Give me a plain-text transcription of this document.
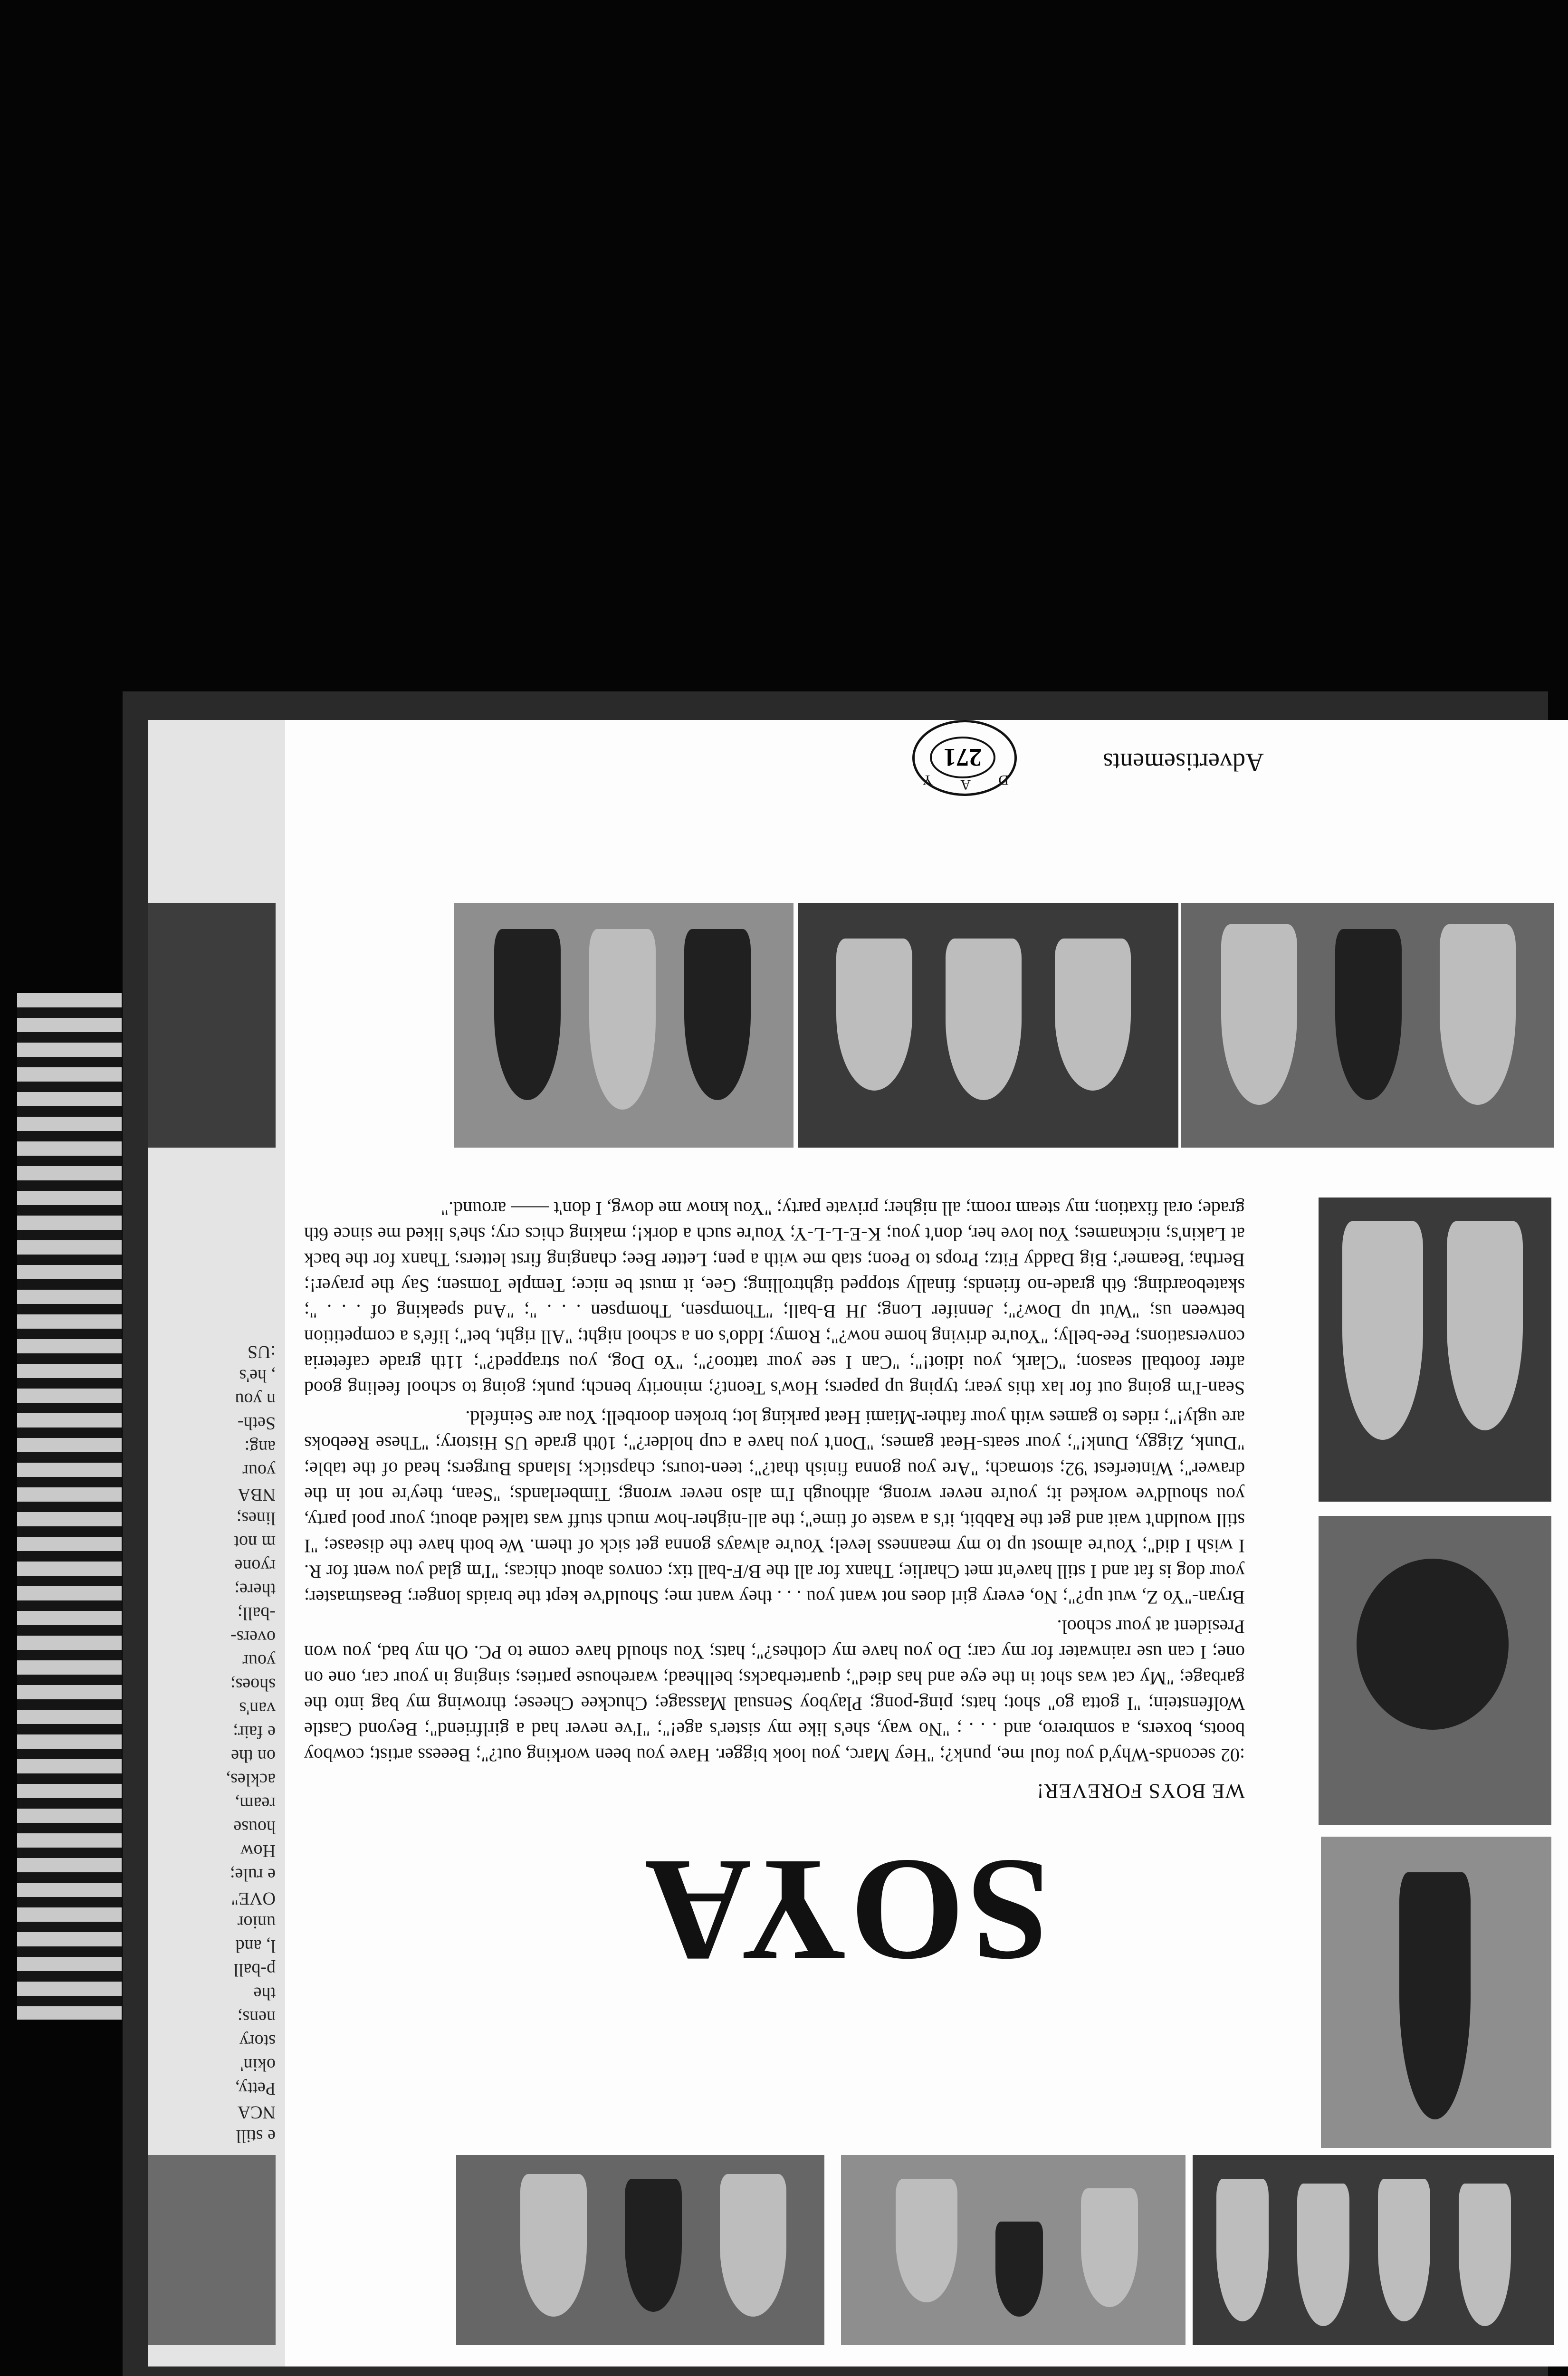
SOYA
WE BOYS FOREVER!

:02 seconds-Why'd you foul me, punk?; "Hey Marc, you look bigger. Have you been working out?"; Beeess artist; cowboy boots, boxers, a sombrero, and . . . ; "No way, she's like my sister's age!"; "I've never had a girlfriend"; Beyond Castle Wolfenstein; "I gotta go" shot; hats; ping-pong; Playboy Sensual Massage; Chuckee Cheese; throwing my bag into the garbage; "My cat was shot in the eye and has died"; quarterbacks; bellhead; warehouse parties; singing in your car, one on one; I can use rainwater for my car; Do you have my clothes?"; hats; You should have come to PC. Oh my bad, you won President at your school.

Bryan-"Yo Z, wut up?"; No, every girl does not want you . . . they want me; Should've kept the braids longer; Beastmaster; your dog is fat and I still have'nt met Charlie; Thanx for all the B/F-ball tix; convos about chicas; "I'm glad you went for R. I wish I did"; You're almost up to my meanness level; You're always gonna get sick of them. We both have the disease; "I still wouldn't wait and get the Rabbit, it's a waste of time"; the all-nigher-how much stuff was talked about; your pool party, you should've worked it; you're never wrong, although I'm also never wrong; Timberlands; "Sean, they're not in the drawer"; Winterfest '92; stomach; "Are you gonna finish that?"; teen-tours; chapstick; Islands Burgers; head of the table; "Dunk, Ziggy, Dunk!"; your seats-Heat games; "Don't you have a cup holder?"; 10th grade US History; "These Reeboks are ugly!"; rides to games with your father-Miami Heat parking lot; broken doorbell; You are Seinfeld.

Sean-I'm going out for lax this year; typing up papers; How's Teont?; minority bench; punk; going to school feeling good after football season; "Clark, you idiot!"; "Can I see your tattoo?"; "Yo Dog, you strapped?"; 11th grade cafeteria conversations; Pee-belly; "You're driving home now?"; Romy; Iddo's on a school night; "All right, bet"; life's a competition between us; "Wut up Dow?"; Jennifer Long; JH B-ball; "Thompsen, Thompsen . . . "; "And speaking of . . . "; skateboarding; 6th grade-no friends; finally stopped tightrolling; Gee, it must be nice; Temple Tomsen; Say the prayer!; Bertha; 'Beamer'; Big Daddy Fitz; Props to Peon; stab me with a pen; Letter Bee; changing first letters; Thanx for the back at Lakin's; nicknames; You love her, don't you; K-E-L-L-Y; You're such a dork!; making chics cry; she's liked me since 6th grade; oral fixation; my steam room; all nigher; private party; "You know me dowg, I don't —— around."

Advertisements
D
A
Y
271
e still
NCA
Petty,
okin'
story
nens;
the
p-ball
l, and
unior
OVE"
e rule;
How
house
ream,
ackles,
on the
e fair;
van's
shoes;
your
overs-
-ball;
there;
ryone
m not
lines;
NBA
your
ang:
Seth-
n you
, he's
:US
